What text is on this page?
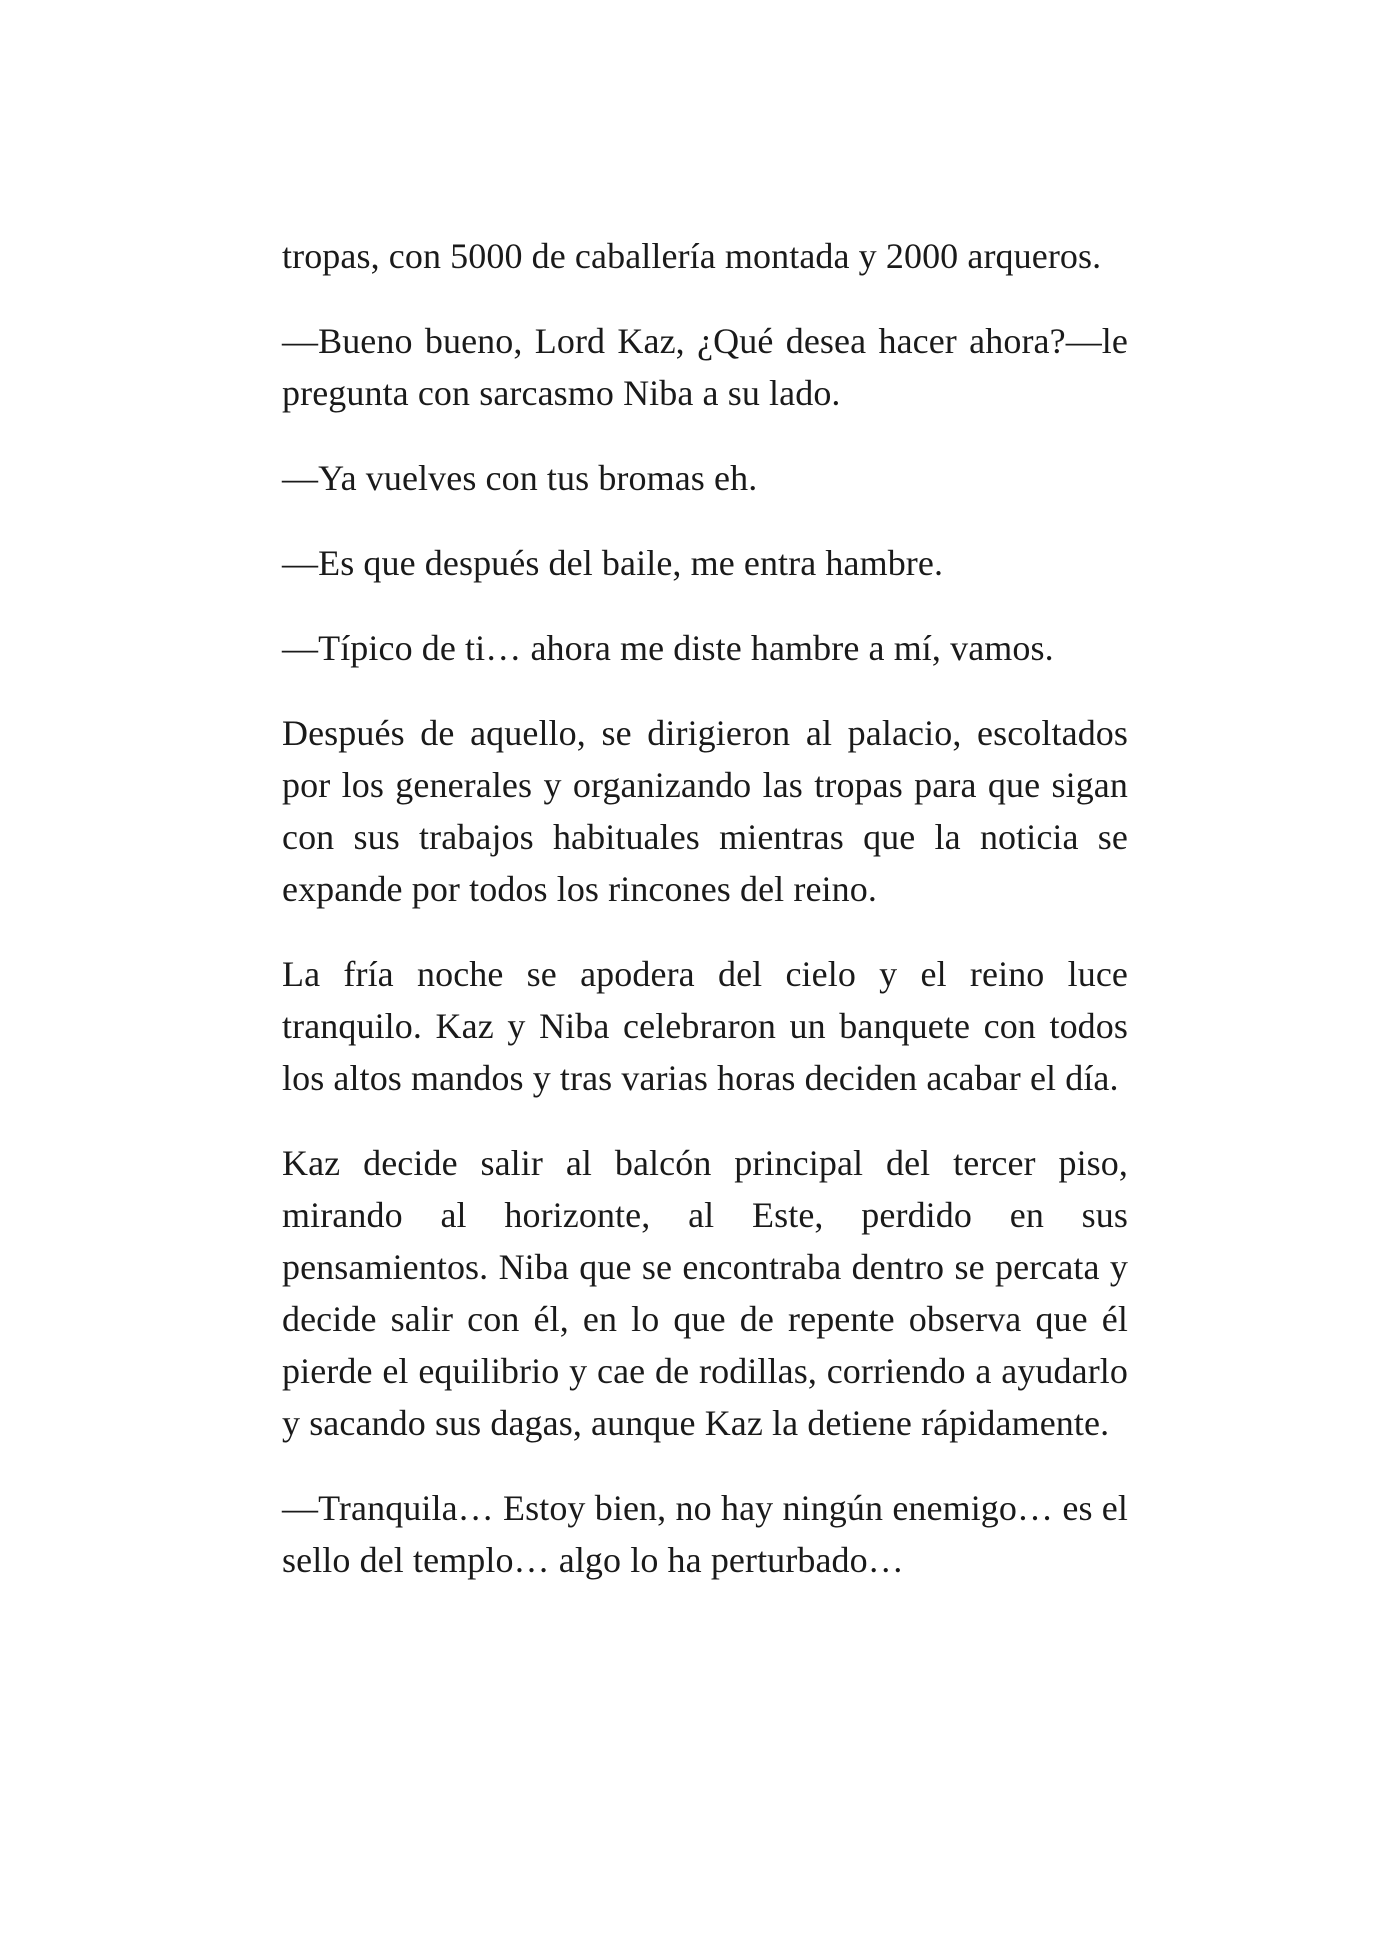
tropas, con 5000 de caballería montada y 2000 arqueros.

—Bueno bueno, Lord Kaz, ¿Qué desea hacer ahora?—le pregunta con sarcasmo Niba a su lado.

—Ya vuelves con tus bromas eh.

—Es que después del baile, me entra hambre.

—Típico de ti… ahora me diste hambre a mí, vamos.

Después de aquello, se dirigieron al palacio, escoltados por los generales y organizando las tropas para que sigan con sus trabajos habituales mientras que la noticia se expande por todos los rincones del reino.

La fría noche se apodera del cielo y el reino luce tranquilo. Kaz y Niba celebraron un banquete con todos los altos mandos y tras varias horas deciden acabar el día.

Kaz decide salir al balcón principal del tercer piso, mirando al horizonte, al Este, perdido en sus pensamientos. Niba que se encontraba dentro se percata y decide salir con él, en lo que de repente observa que él pierde el equilibrio y cae de rodillas, corriendo a ayudarlo y sacando sus dagas, aunque Kaz la detiene rápidamente.

—Tranquila… Estoy bien, no hay ningún enemigo… es el sello del templo… algo lo ha perturbado…
